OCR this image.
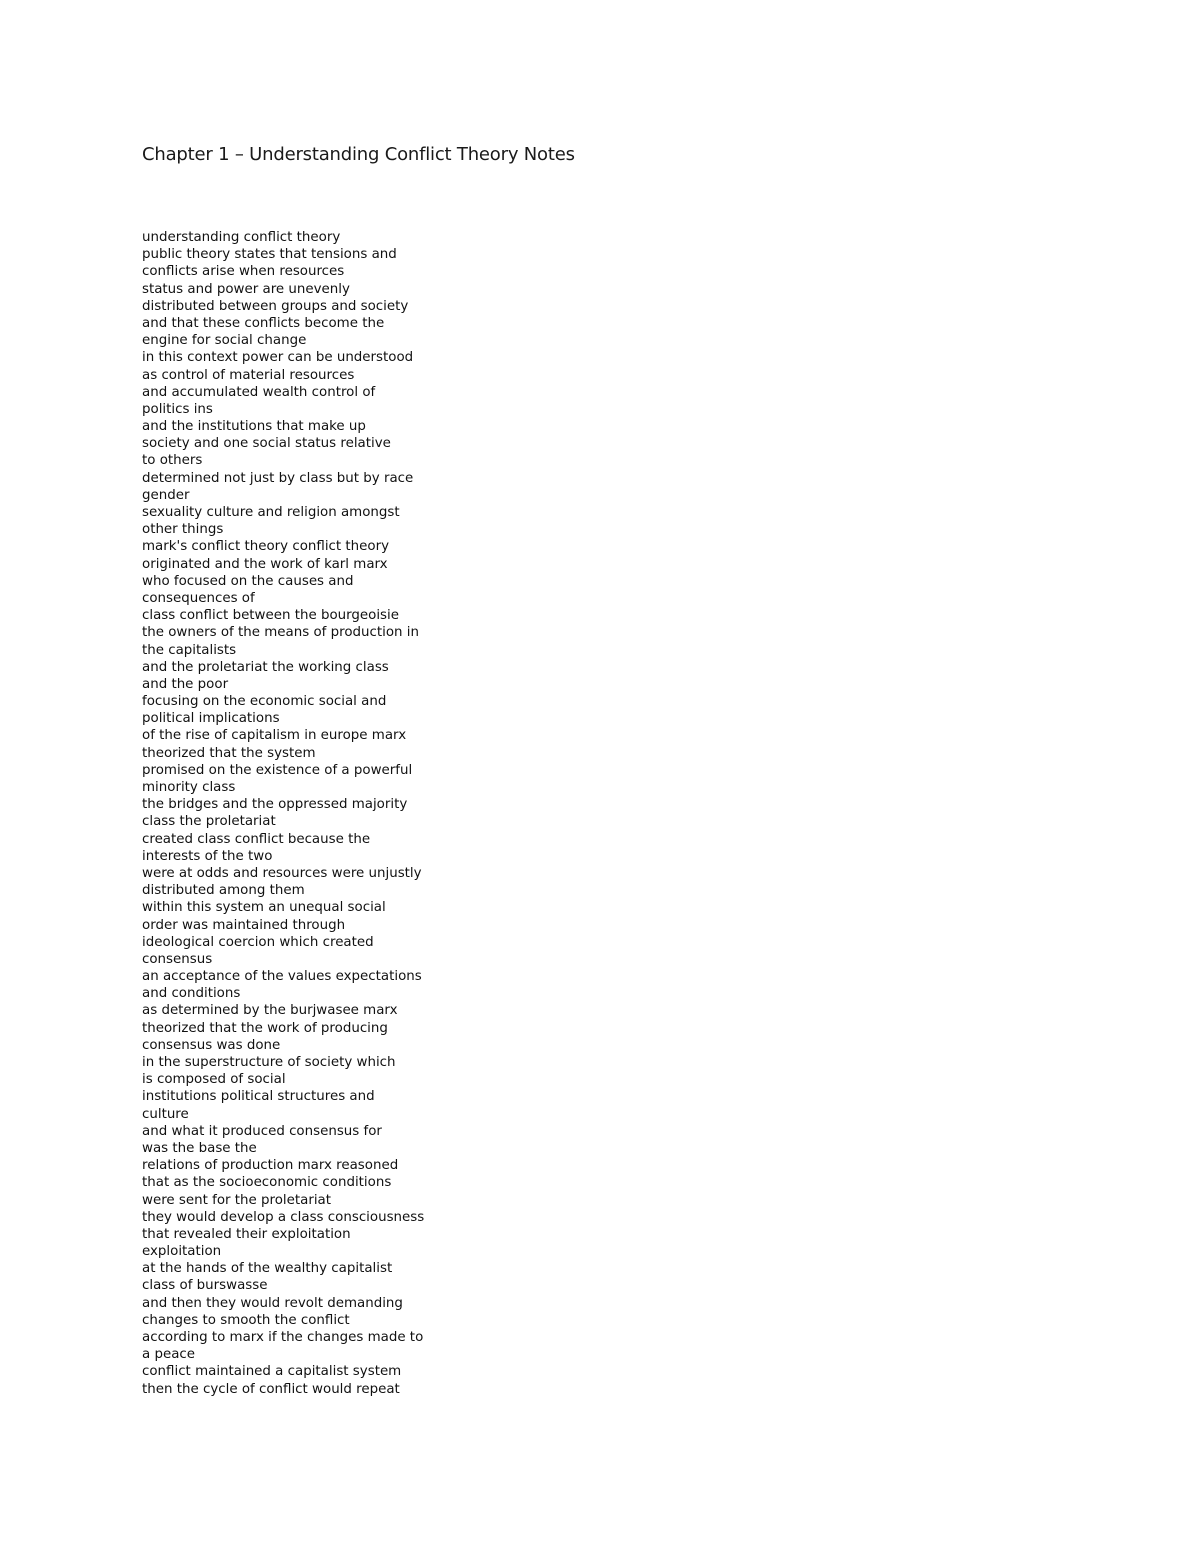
Chapter 1 – Understanding Conflict Theory Notes
understanding conflict theory
public theory states that tensions and
conflicts arise when resources
status and power are unevenly
distributed between groups and society
and that these conflicts become the
engine for social change
in this context power can be understood
as control of material resources
and accumulated wealth control of
politics ins
and the institutions that make up
society and one social status relative
to others
determined not just by class but by race
gender
sexuality culture and religion amongst
other things
mark's conflict theory conflict theory
originated and the work of karl marx
who focused on the causes and
consequences of
class conflict between the bourgeoisie
the owners of the means of production in
the capitalists
and the proletariat the working class
and the poor
focusing on the economic social and
political implications
of the rise of capitalism in europe marx
theorized that the system
promised on the existence of a powerful
minority class
the bridges and the oppressed majority
class the proletariat
created class conflict because the
interests of the two
were at odds and resources were unjustly
distributed among them
within this system an unequal social
order was maintained through
ideological coercion which created
consensus
an acceptance of the values expectations
and conditions
as determined by the burjwasee marx
theorized that the work of producing
consensus was done
in the superstructure of society which
is composed of social
institutions political structures and
culture
and what it produced consensus for
was the base the
relations of production marx reasoned
that as the socioeconomic conditions
were sent for the proletariat
they would develop a class consciousness
that revealed their exploitation
exploitation
at the hands of the wealthy capitalist
class of burswasse
and then they would revolt demanding
changes to smooth the conflict
according to marx if the changes made to
a peace
conflict maintained a capitalist system
then the cycle of conflict would repeat
